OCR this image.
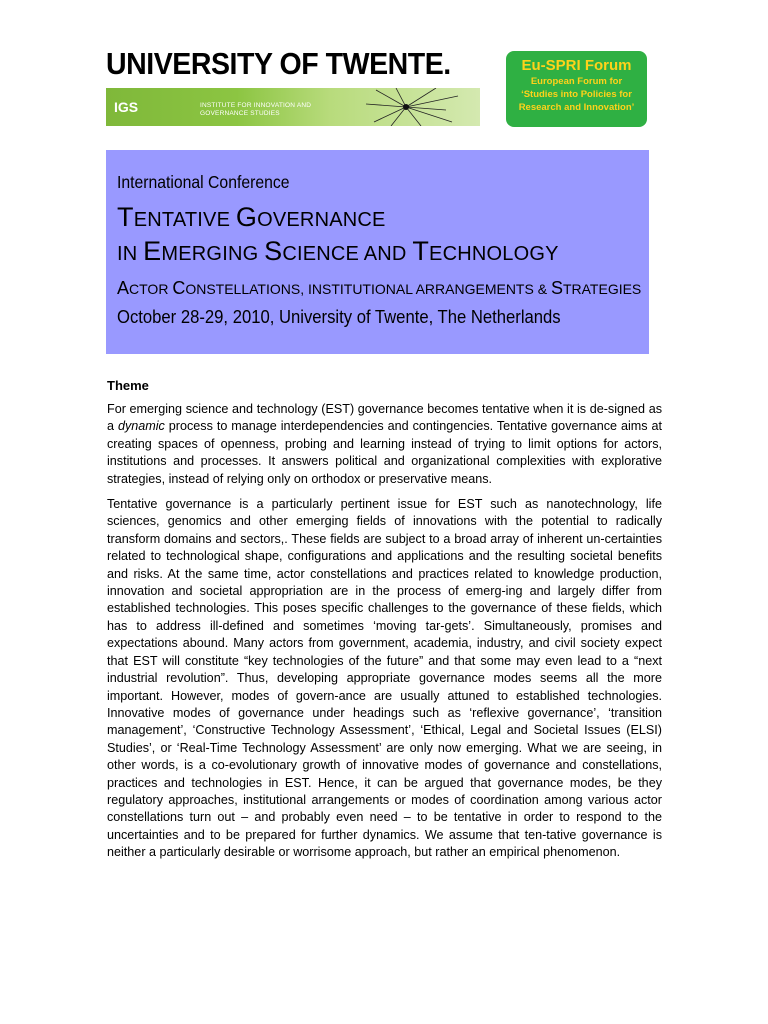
UNIVERSITY OF TWENTE.
IGS	INSTITUTE FOR INNOVATION AND GOVERNANCE STUDIES
Eu-SPRI Forum
European Forum for
‘Studies into Policies for
Research and Innovation’
International Conference
TENTATIVE GOVERNANCE
IN EMERGING SCIENCE AND TECHNOLOGY
ACTOR CONSTELLATIONS, INSTITUTIONAL ARRANGEMENTS & STRATEGIES
October 28-29, 2010, University of Twente, The Netherlands
Theme

For emerging science and technology (EST) governance becomes tentative when it is de-signed as a dynamic process to manage interdependencies and contingencies. Tentative governance aims at creating spaces of openness, probing and learning instead of trying to limit options for actors, institutions and processes. It answers political and organizational complexities with explorative strategies, instead of relying only on orthodox or preservative means.

Tentative governance is a particularly pertinent issue for EST such as nanotechnology, life sciences, genomics and other emerging fields of innovations with the potential to radically transform domains and sectors,. These fields are subject to a broad array of inherent un-certainties related to technological shape, configurations and applications and the resulting societal benefits and risks. At the same time, actor constellations and practices related to knowledge production, innovation and societal appropriation are in the process of emerg-ing and largely differ from established technologies. This poses specific challenges to the governance of these fields, which has to address ill-defined and sometimes ‘moving tar-gets’. Simultaneously, promises and expectations abound. Many actors from government, academia, industry, and civil society expect that EST will constitute “key technologies of the future” and that some may even lead to a “next industrial revolution”. Thus, developing appropriate governance modes seems all the more important. However, modes of govern-ance are usually attuned to established technologies. Innovative modes of governance under headings such as ‘reflexive governance’, ‘transition management’, ‘Constructive Technology Assessment’, ‘Ethical, Legal and Societal Issues (ELSI) Studies’, or ‘Real-Time Technology Assessment’ are only now emerging. What we are seeing, in other words, is a co-evolutionary growth of innovative modes of governance and constellations, practices and technologies in EST. Hence, it can be argued that governance modes, be they regulatory approaches, institutional arrangements or modes of coordination among various actor constellations turn out – and probably even need – to be tentative in order to respond to the uncertainties and to be prepared for further dynamics. We assume that ten-tative governance is neither a particularly desirable or worrisome approach, but rather an empirical phenomenon.
